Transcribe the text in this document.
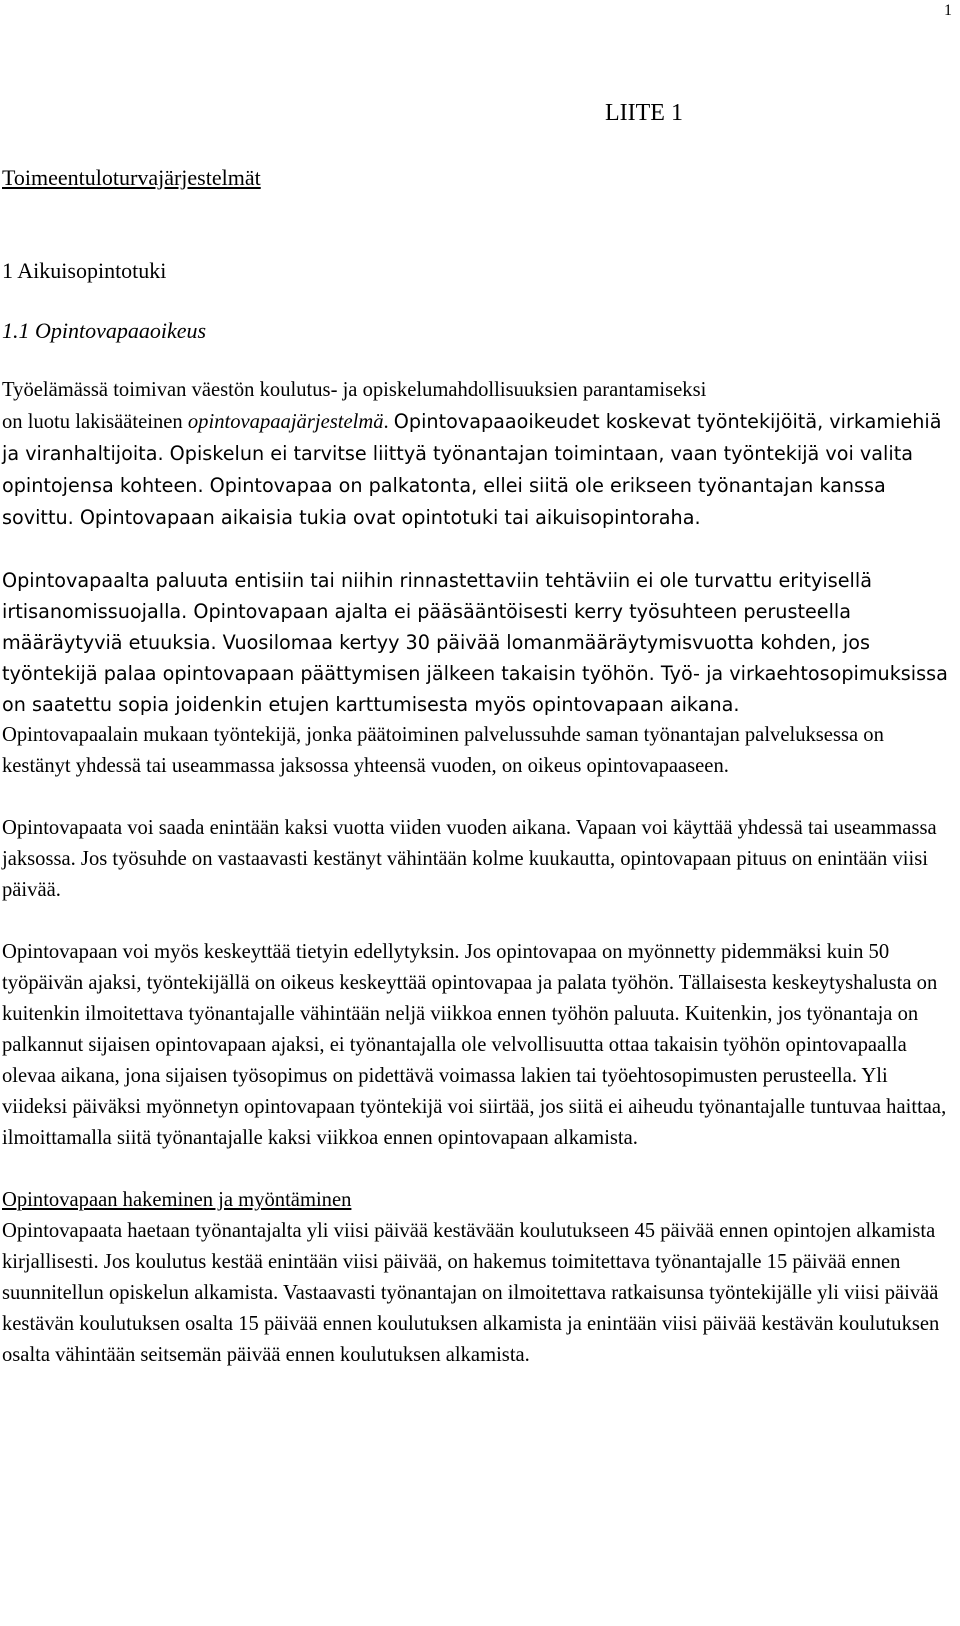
1
LIITE 1
Toimeentuloturvajärjestelmät
1 Aikuisopintotuki
1.1 Opintovapaaoikeus

Työelämässä toimivan väestön koulutus- ja opiskelumahdollisuuksien parantamiseksi
on luotu lakisääteinen opintovapaajärjestelmä. Opintovapaaoikeudet koskevat työntekijöitä, virkamiehiä ja viranhaltijoita. Opiskelun ei tarvitse liittyä työnantajan toimintaan, vaan työntekijä voi valita opintojensa kohteen. Opintovapaa on palkatonta, ellei siitä ole erikseen työnantajan kanssa sovittu. Opintovapaan aikaisia tukia ovat opintotuki tai aikuisopintoraha.

Opintovapaalta paluuta entisiin tai niihin rinnastettaviin tehtäviin ei ole turvattu erityisellä irtisanomissuojalla. Opintovapaan ajalta ei pääsääntöisesti kerry työsuhteen perusteella määräytyviä etuuksia. Vuosilomaa kertyy 30 päivää lomanmääräytymisvuotta kohden, jos työntekijä palaa opintovapaan päättymisen jälkeen takaisin työhön. Työ- ja virkaehtosopimuksissa on saatettu sopia joidenkin etujen karttumisesta myös opintovapaan aikana.

Opintovapaalain mukaan työntekijä, jonka päätoiminen palvelussuhde saman työnantajan palveluksessa on kestänyt yhdessä tai useammassa jaksossa yhteensä vuoden, on oikeus opintovapaaseen.

Opintovapaata voi saada enintään kaksi vuotta viiden vuoden aikana. Vapaan voi käyttää yhdessä tai useammassa jaksossa. Jos työsuhde on vastaavasti kestänyt vähintään kolme kuukautta, opintovapaan pituus on enintään viisi päivää.

Opintovapaan voi myös keskeyttää tietyin edellytyksin. Jos opintovapaa on myönnetty pidemmäksi kuin 50 työpäivän ajaksi, työntekijällä on oikeus keskeyttää opintovapaa ja palata työhön. Tällaisesta keskeytyshalusta on kuitenkin ilmoitettava työnantajalle vähintään neljä viikkoa ennen työhön paluuta. Kuitenkin, jos työnantaja on palkannut sijaisen opintovapaan ajaksi, ei työnantajalla ole velvollisuutta ottaa takaisin työhön opintovapaalla olevaa aikana, jona sijaisen työsopimus on pidettävä voimassa lakien tai työehtosopimusten perusteella. Yli viideksi päiväksi myönnetyn opintovapaan työntekijä voi siirtää, jos siitä ei aiheudu työnantajalle tuntuvaa haittaa, ilmoittamalla siitä työnantajalle kaksi viikkoa ennen opintovapaan alkamista.

Opintovapaan hakeminen ja myöntäminen

Opintovapaata haetaan työnantajalta yli viisi päivää kestävään koulutukseen 45 päivää ennen opintojen alkamista kirjallisesti. Jos koulutus kestää enintään viisi päivää, on hakemus toimitettava työnantajalle 15 päivää ennen suunnitellun opiskelun alkamista. Vastaavasti työnantajan on ilmoitettava ratkaisunsa työntekijälle yli viisi päivää kestävän koulutuksen osalta 15 päivää ennen koulutuksen alkamista ja enintään viisi päivää kestävän koulutuksen osalta vähintään seitsemän päivää ennen koulutuksen alkamista.
